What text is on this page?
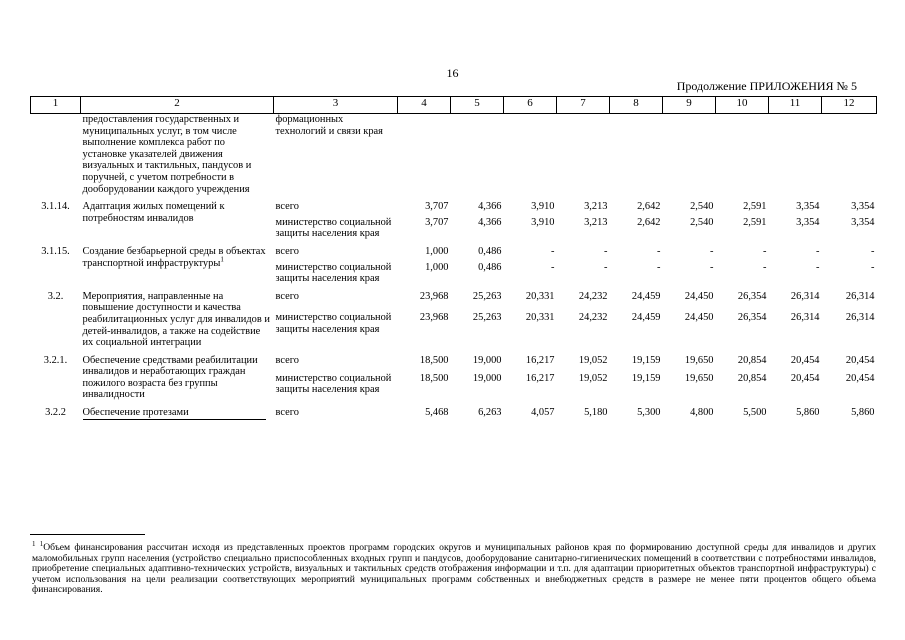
16
Продолжение ПРИЛОЖЕНИЯ № 5
1	2	3	4	5	6	7	8	9	10	11	12
	предоставления государственных и муниципальных услуг, в том числе выполнение комплекса работ по установке указателей движения визуальных и тактильных, пандусов и поручней, с учетом потребности в дооборудовании каждого учреждения	формационных технологий и связи края									

3.1.14.	Адаптация жилых помещений к потребностям инвалидов	всего	3,707	4,366	3,910	3,213	2,642	2,540	2,591	3,354	3,354
		министерство социальной защиты населения края	3,707	4,366	3,910	3,213	2,642	2,540	2,591	3,354	3,354

3.1.15.	Создание безбарьерной среды в объектах транспортной инфраструктуры$^1$	всего	1,000	0,486	-	-	-	-	-	-	-
		министерство социальной защиты населения края	1,000	0,486	-	-	-	-	-	-	-

3.2.	Мероприятия, направленные на повышение доступности и качества реабилитационных услуг для инвалидов и детей-инвалидов, а также на содействие их социальной интеграции	всего	23,968	25,263	20,331	24,232	24,459	24,450	26,354	26,314	26,314
		министерство социальной защиты населения края	23,968	25,263	20,331	24,232	24,459	24,450	26,354	26,314	26,314

3.2.1.	Обеспечение средствами реабилитации инвалидов и неработающих граждан пожилого возраста без группы инвалидности	всего	18,500	19,000	16,217	19,052	19,159	19,650	20,854	20,454	20,454
		министерство социальной защиты населения края	18,500	19,000	16,217	19,052	19,159	19,650	20,854	20,454	20,454

3.2.2	Обеспечение протезами	всего	5,468	6,263	4,057	5,180	5,300	4,800	5,500	5,860	5,860
$^1$ $^1$Объем финансирования рассчитан исходя из представленных проектов программ городских округов и муниципальных районов края по формированию доступной среды для инвалидов и других маломобильных групп населения (устройство специально приспособленных входных групп и пандусов, дооборудование санитарно-гигиенических помещений в соответствии с потребностями инвалидов, приобретение специальных адаптивно-технических устройств, визуальных и тактильных средств отображения информации и т.п. для адаптации приоритетных объектов транспортной инфраструктуры) с учетом использования на цели реализации соответствующих мероприятий муниципальных программ собственных и внебюджетных средств в размере не менее пяти процентов общего объема финансирования.
